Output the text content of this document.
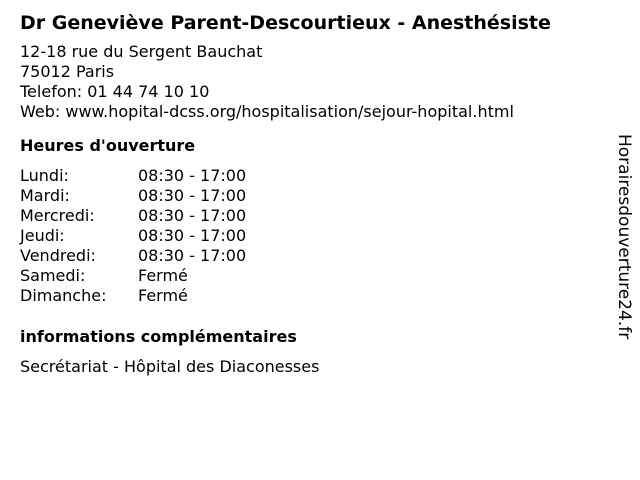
Dr Geneviève Parent-Descourtieux - Anesthésiste
12-18 rue du Sergent Bauchat
75012 Paris
Telefon: 01 44 74 10 10
Web: www.hopital-dcss.org/hospitalisation/sejour-hopital.html
Heures d'ouverture
Lundi:	08:30 - 17:00
Mardi:	08:30 - 17:00
Mercredi:	08:30 - 17:00
Jeudi:	08:30 - 17:00
Vendredi:	08:30 - 17:00
Samedi:	Fermé
Dimanche:	Fermé
informations complémentaires
Secrétariat - Hôpital des Diaconesses
Horairesdouverture24.fr
